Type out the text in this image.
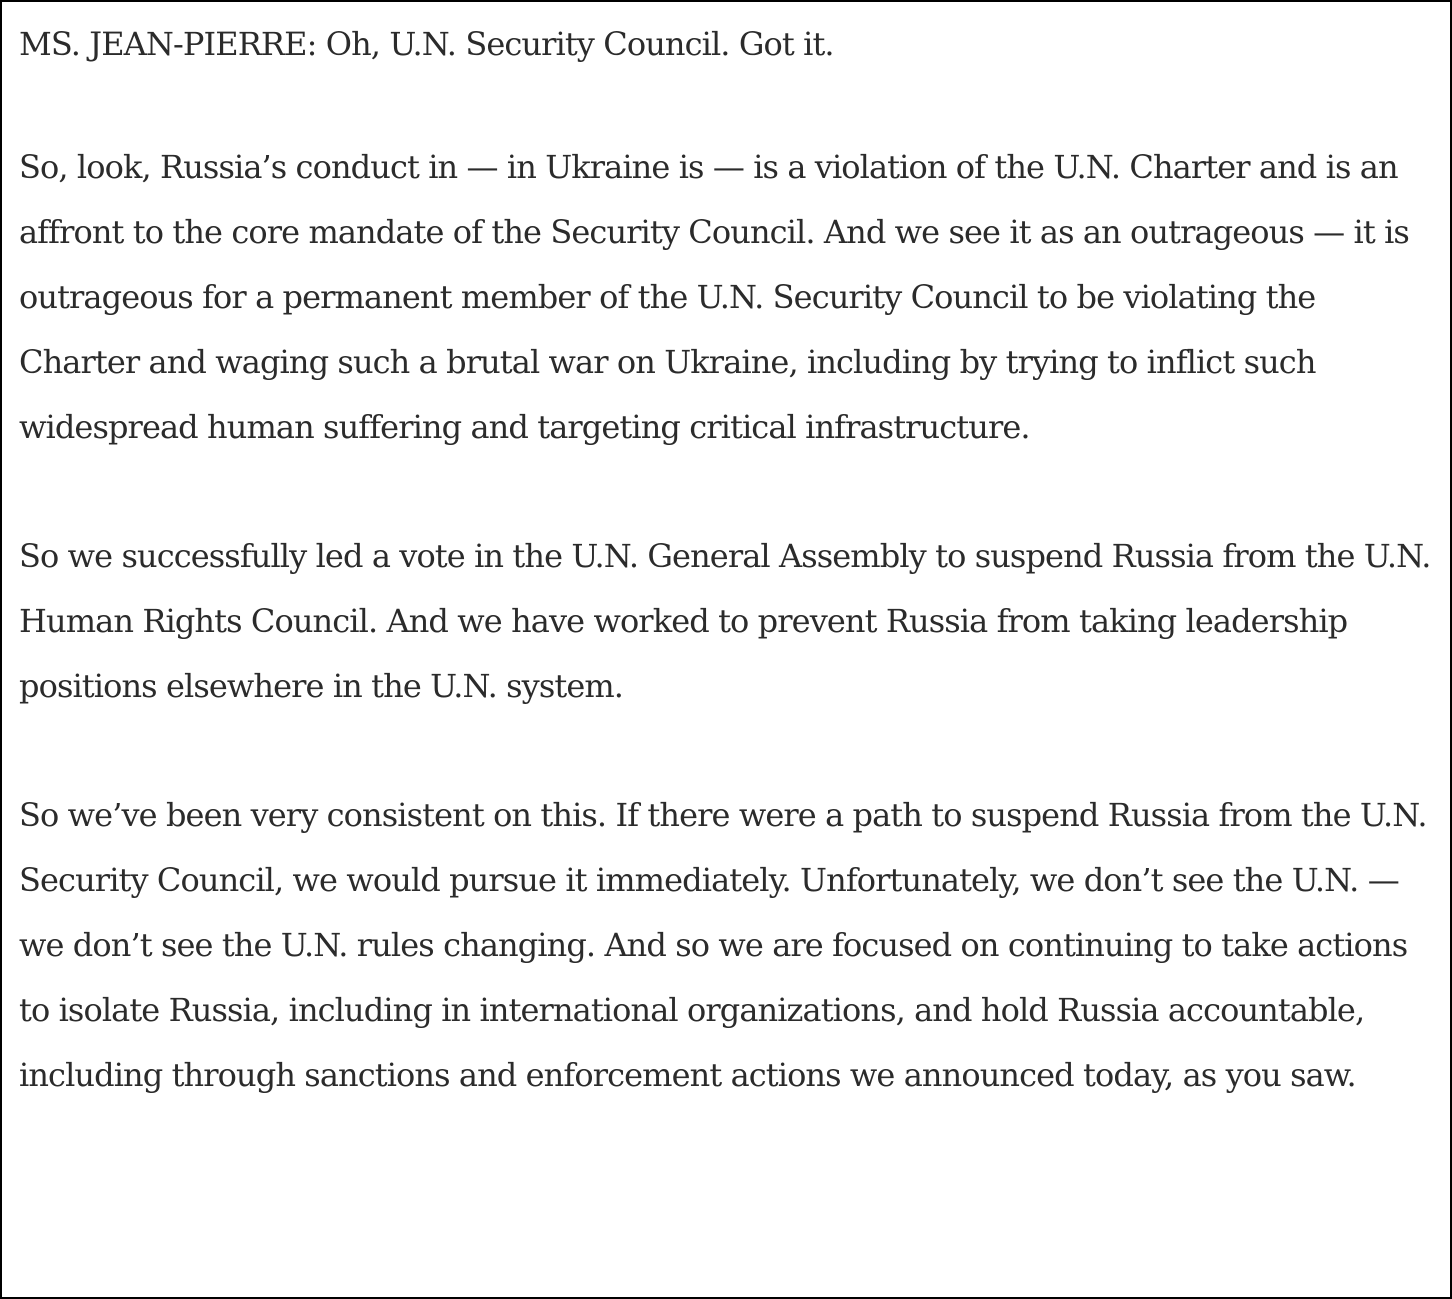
MS. JEAN-PIERRE: Oh, U.N. Security Council. Got it.

So, look, Russia’s conduct in — in Ukraine is — is a violation of the U.N. Charter and is an affront to the core mandate of the Security Council. And we see it as an outrageous — it is outrageous for a permanent member of the U.N. Security Council to be violating the Charter and waging such a brutal war on Ukraine, including by trying to inflict such widespread human suffering and targeting critical infrastructure.

So we successfully led a vote in the U.N. General Assembly to suspend Russia from the U.N. Human Rights Council. And we have worked to prevent Russia from taking leadership positions elsewhere in the U.N. system.

So we’ve been very consistent on this. If there were a path to suspend Russia from the U.N. Security Council, we would pursue it immediately. Unfortunately, we don’t see the U.N. — we don’t see the U.N. rules changing. And so we are focused on continuing to take actions to isolate Russia, including in international organizations, and hold Russia accountable, including through sanctions and enforcement actions we announced today, as you saw.
